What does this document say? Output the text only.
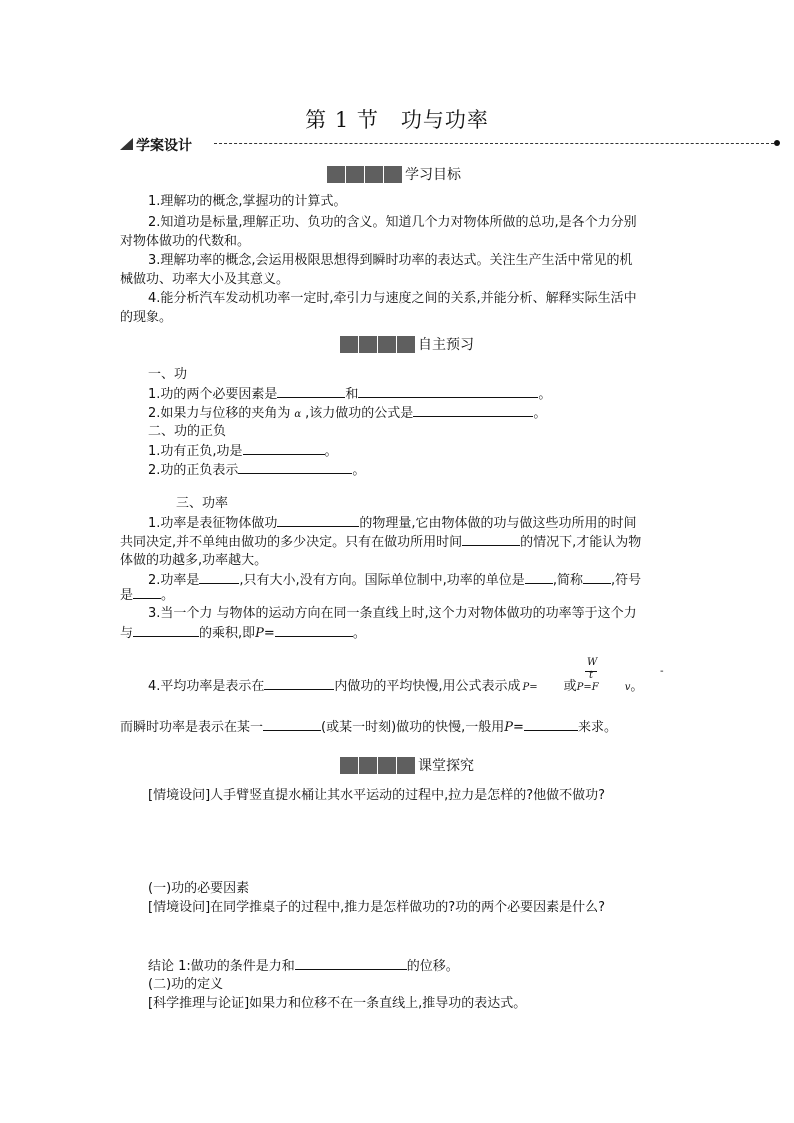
第 1 节　功与功率
学案设计
学习目标
1.理解功的概念,掌握功的计算式。
2.知道功是标量,理解正功、负功的含义。知道几个力对物体所做的总功,是各个力分别
对物体做功的代数和。
3.理解功率的概念,会运用极限思想得到瞬时功率的表达式。关注生产生活中常见的机
械做功、功率大小及其意义。
4.能分析汽车发动机功率一定时,牵引力与速度之间的关系,并能分析、解释实际生活中
的现象。
自主预习
一、功
1.功的两个必要因素是	和	。
2.如果力与位移的夹角为 α ,该力做功的公式是	。
二、功的正负
1.功有正负,功是	。
2.功的正负表示	。
三、功率
1.功率是表征物体做功	的物理量,它由物体做的功与做这些功所用的时间
共同决定,并不单纯由做功的多少决定。只有在做功所用时间	的情况下,才能认为物
体做的功越多,功率越大。
2.功率是	,只有大小,没有方向。国际单位制中,功率的单位是 ,简称 ,符号
是 。
3.当一个力 与物体的运动方向在同一条直线上时,这个力对物体做功的功率等于这个力
与	的乘积,即P=	。
W
t	-
4.平均功率是表示在	内做功的平均快慢,用公式表示成 P= 或P=F	v。
而瞬时功率是表示在某一	(或某一时刻)做功的快慢,一般用P=	来求。
课堂探究
[情境设问]人手臂竖直提水桶让其水平运动的过程中,拉力是怎样的?他做不做功?
(一)功的必要因素
[情境设问]在同学推桌子的过程中,推力是怎样做功的?功的两个必要因素是什么?
结论 1:做功的条件是力和	的位移。
(二)功的定义
[科学推理与论证]如果力和位移不在一条直线上,推导功的表达式。
